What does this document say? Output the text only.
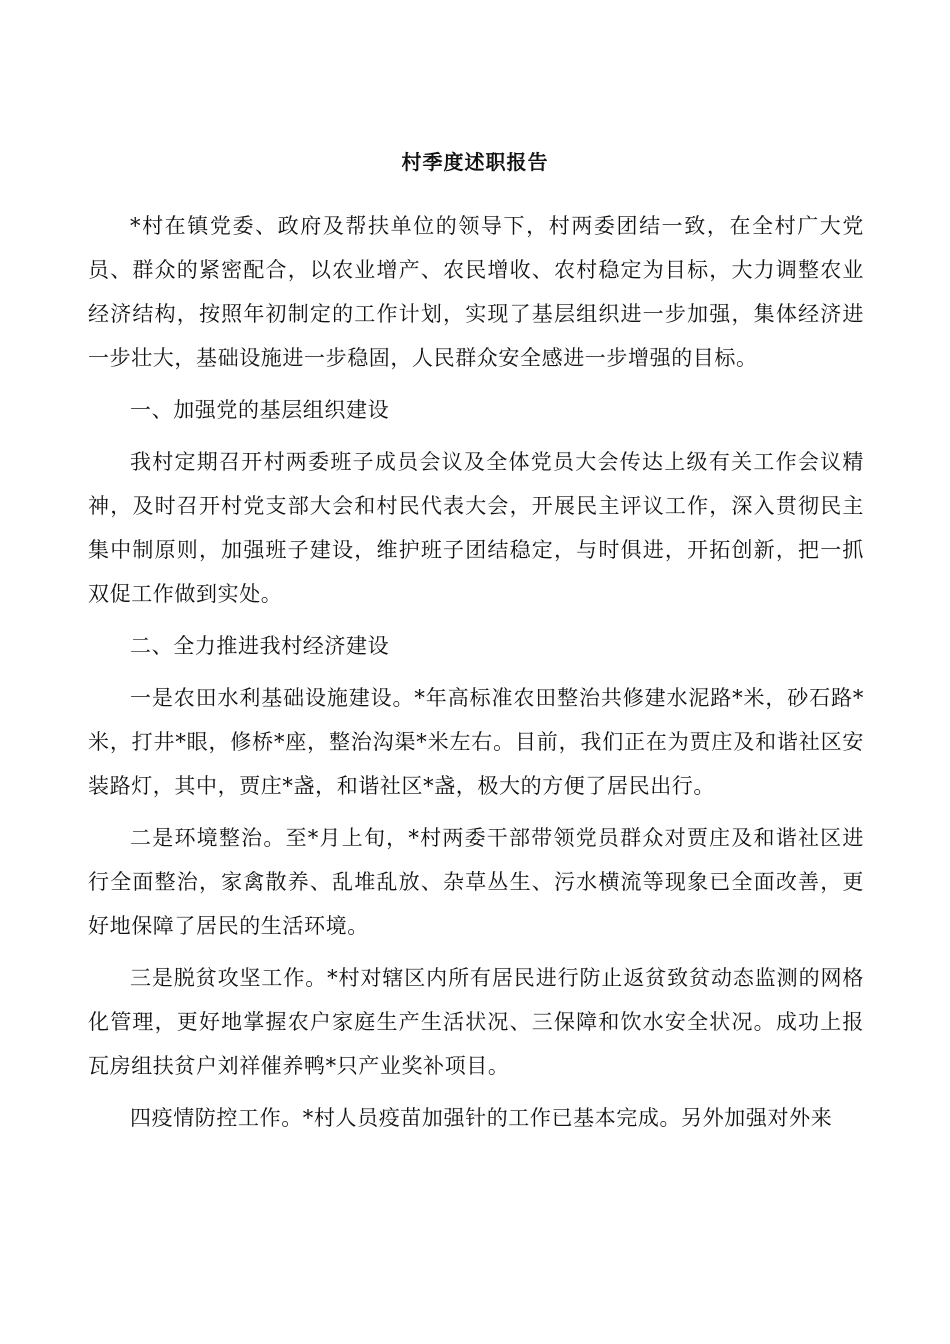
村季度述职报告

*村在镇党委、政府及帮扶单位的领导下，村两委团结一致，在全村广大党员、群众的紧密配合，以农业增产、农民增收、农村稳定为目标，大力调整农业经济结构，按照年初制定的工作计划，实现了基层组织进一步加强，集体经济进一步壮大，基础设施进一步稳固，人民群众安全感进一步增强的目标。

一、加强党的基层组织建设

我村定期召开村两委班子成员会议及全体党员大会传达上级有关工作会议精神，及时召开村党支部大会和村民代表大会，开展民主评议工作，深入贯彻民主集中制原则，加强班子建设，维护班子团结稳定，与时俱进，开拓创新，把一抓双促工作做到实处。

二、全力推进我村经济建设

一是农田水利基础设施建设。*年高标准农田整治共修建水泥路*米，砂石路*米，打井*眼，修桥*座，整治沟渠*米左右。目前，我们正在为贾庄及和谐社区安装路灯，其中，贾庄*盏，和谐社区*盏，极大的方便了居民出行。

二是环境整治。至*月上旬，*村两委干部带领党员群众对贾庄及和谐社区进行全面整治，家禽散养、乱堆乱放、杂草丛生、污水横流等现象已全面改善，更好地保障了居民的生活环境。

三是脱贫攻坚工作。*村对辖区内所有居民进行防止返贫致贫动态监测的网格化管理，更好地掌握农户家庭生产生活状况、三保障和饮水安全状况。成功上报瓦房组扶贫户刘祥催养鸭*只产业奖补项目。

四疫情防控工作。*村人员疫苗加强针的工作已基本完成。另外加强对外来
